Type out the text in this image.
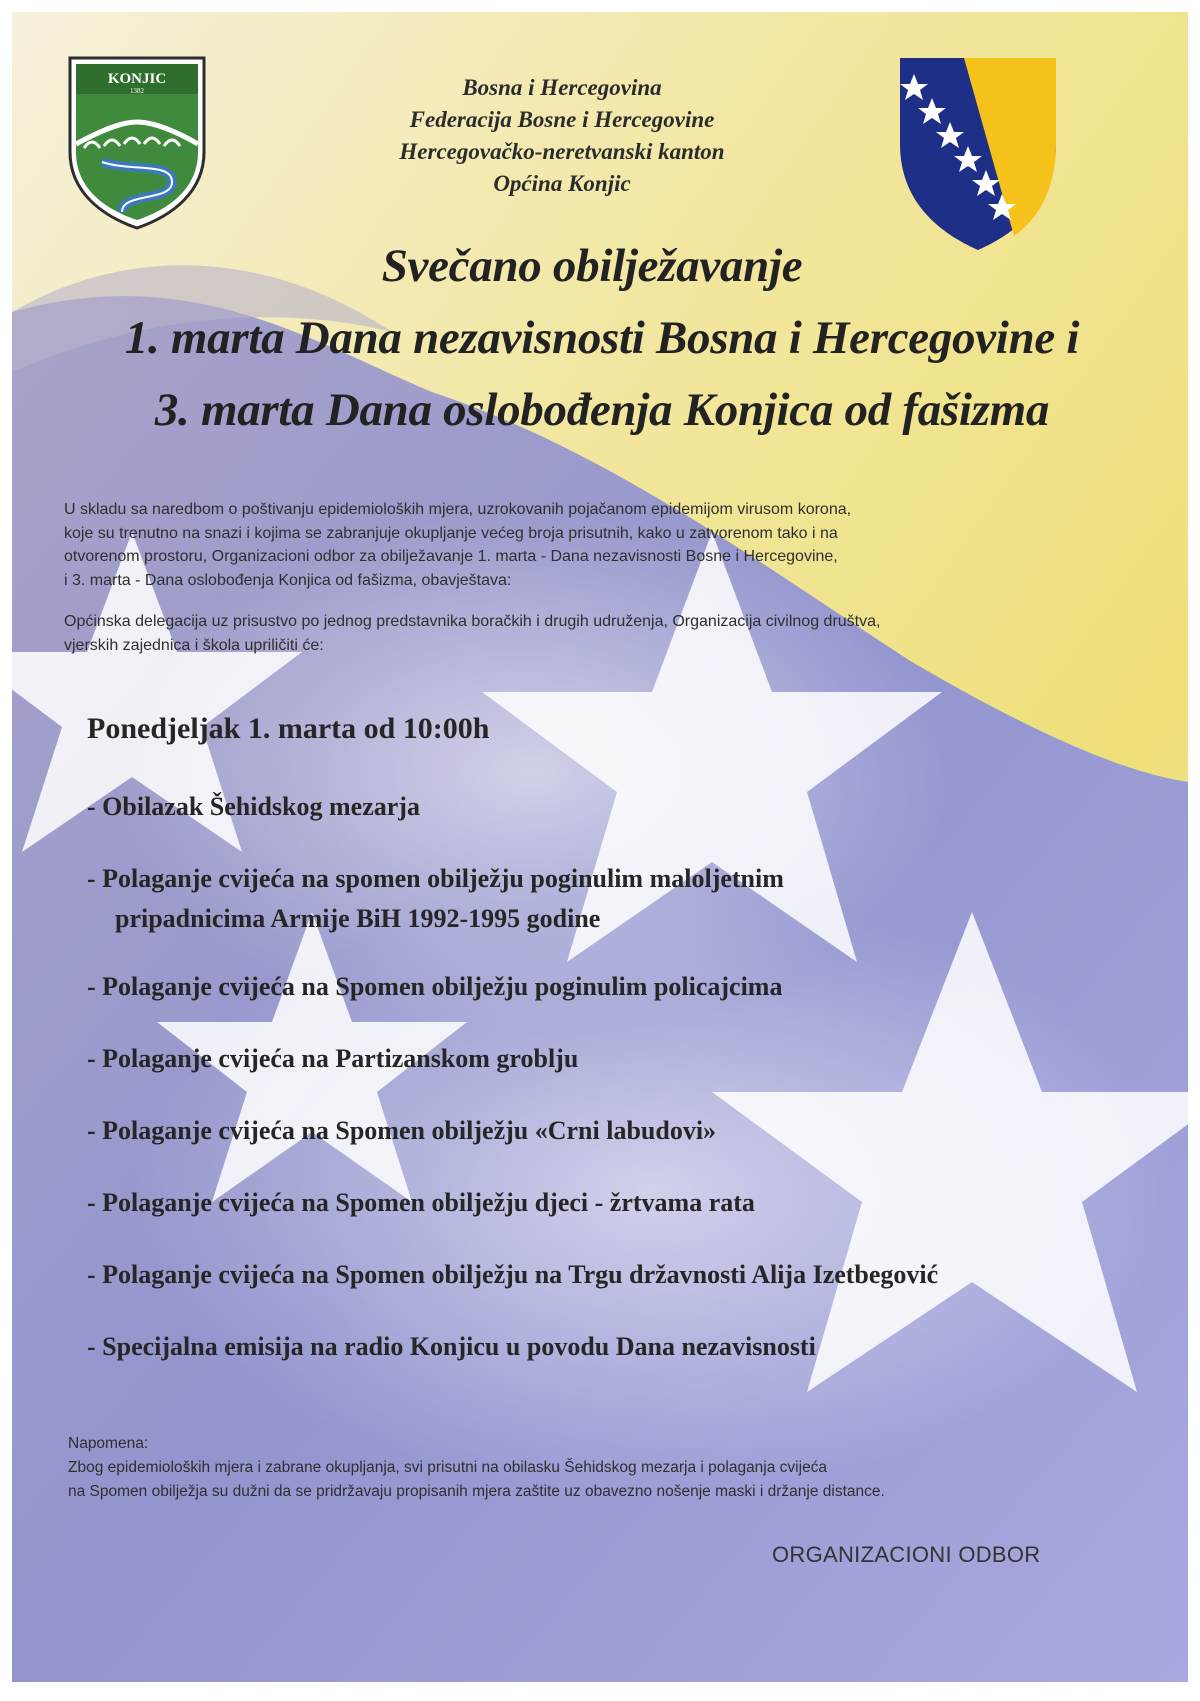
KONJIC
1382	Bosna i Hercegovina
Federacija Bosne i Hercegovine
Hercegovačko-neretvanski kanton
Općina Konjic
Svečano obilježavanje
1. marta Dana nezavisnosti Bosna i Hercegovine i
3. marta Dana oslobođenja Konjica od fašizma

U skladu sa naredbom o poštivanju epidemioloških mjera, uzrokovanih pojačanom epidemijom virusom korona,
koje su trenutno na snazi i kojima se zabranjuje okupljanje većeg broja prisutnih, kako u zatvorenom tako i na
otvorenom prostoru, Organizacioni odbor za obilježavanje 1. marta - Dana nezavisnosti Bosne i Hercegovine,
i 3. marta - Dana oslobođenja Konjica od fašizma, obavještava:

Općinska delegacija uz prisustvo po jednog predstavnika boračkih i drugih udruženja, Organizacija civilnog društva,
vjerskih zajednica i škola upriličiti će:

Ponedjeljak 1. marta od 10:00h
- Obilazak Šehidskog mezarja
- Polaganje cvijeća na spomen obilježju poginulim maloljetnim
pripadnicima Armije BiH 1992-1995 godine
- Polaganje cvijeća na Spomen obilježju poginulim policajcima
- Polaganje cvijeća na Partizanskom groblju
- Polaganje cvijeća na Spomen obilježju «Crni labudovi»
- Polaganje cvijeća na Spomen obilježju djeci - žrtvama rata
- Polaganje cvijeća na Spomen obilježju na Trgu državnosti Alija Izetbegović
- Specijalna emisija na radio Konjicu u povodu Dana nezavisnosti
Napomena:
Zbog epidemioloških mjera i zabrane okupljanja, svi prisutni na obilasku Šehidskog mezarja i polaganja cvijeća
na Spomen obilježja su dužni da se pridržavaju propisanih mjera zaštite uz obavezno nošenje maski i držanje distance.
ORGANIZACIONI ODBOR
